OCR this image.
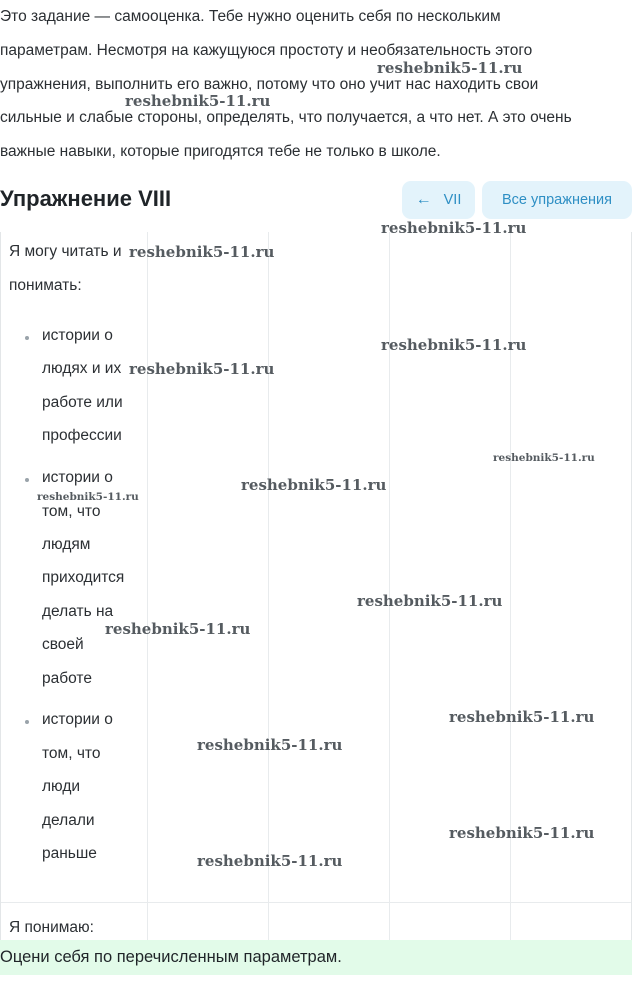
Это задание — самооценка. Тебе нужно оценить себя по нескольким
параметрам. Несмотря на кажущуюся простоту и необязательность этого
упражнения, выполнить его важно, потому что оно учит нас находить свои
сильные и слабые стороны, определять, что получается, а что нет. А это очень
важные навыки, которые пригодятся тебе не только в школе.
Упражнение VIII	← VII	Все упражнения
Я могу читать и
понимать:
истории о
людях и их
работе или
профессии
истории о
том, что
людям
приходится
делать на
своей
работе
истории о
том, что
люди
делали
раньше
Я понимаю:
Оцени себя по перечисленным параметрам.
reshebnik5-11.ru
reshebnik5-11.ru
reshebnik5-11.ru
reshebnik5-11.ru
reshebnik5-11.ru
reshebnik5-11.ru
reshebnik5-11.ru
reshebnik5-11.ru
reshebnik5-11.ru
reshebnik5-11.ru
reshebnik5-11.ru
reshebnik5-11.ru
reshebnik5-11.ru
reshebnik5-11.ru
reshebnik5-11.ru
